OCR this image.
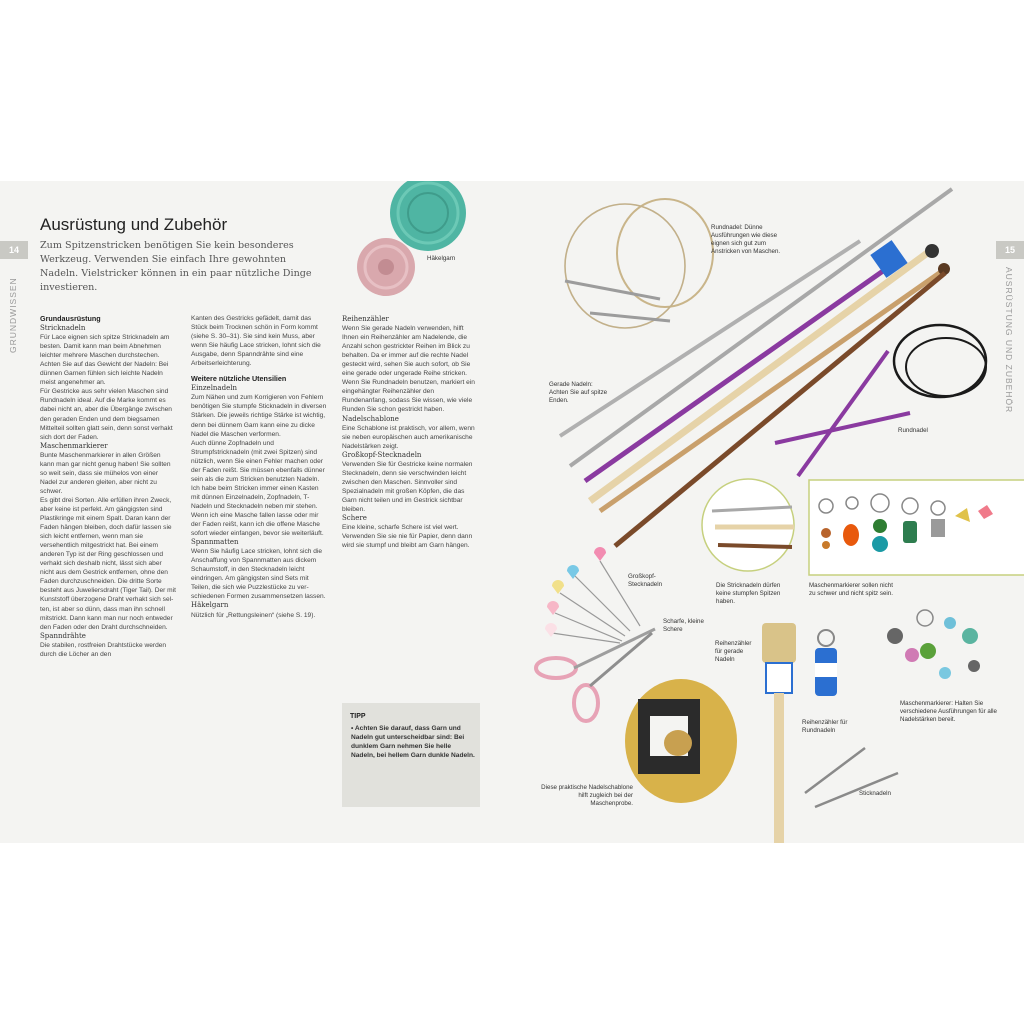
14	15
GRUNDWISSEN	AUSRÜSTUNG UND ZUBEHÖR
Ausrüstung und Zubehör
Zum Spitzenstricken benötigen Sie kein besonderes Werkzeug. Verwenden Sie einfach Ihre gewohnten Nadeln. Vielstricker können in ein paar nützliche Dinge investieren.

Grundausrüstung

Stricknadeln

Für Lace eignen sich spitze Stricknadeln am besten. Damit kann man beim Abnehmen leichter mehrere Maschen durchstechen. Achten Sie auf das Gewicht der Nadeln: Bei dünnen Garnen fühlen sich leichte Nadeln meist angenehmer an.

Für Gestricke aus sehr vielen Maschen sind Rundnadeln ideal. Auf die Marke kommt es dabei nicht an, aber die Übergänge zwischen den geraden Enden und dem biegsamen Mittelteil sollten glatt sein, denn sonst verhakt sich dort der Faden.

Maschenmarkierer

Bunte Maschenmarkierer in allen Größen kann man gar nicht genug haben! Sie sollten so weit sein, dass sie mühelos von einer Nadel zur anderen gleiten, aber nicht zu schwer.

Es gibt drei Sorten. Alle erfüllen ihren Zweck, aber keine ist perfekt. Am gängigsten sind Plastikringe mit einem Spalt. Daran kann der Faden hängen bleiben, doch dafür lassen sie sich leicht entfernen, wenn man sie versehentlich mitgestrickt hat. Bei einem anderen Typ ist der Ring geschlossen und verhakt sich deshalb nicht, lässt sich aber nicht aus dem Gestrick entfernen, ohne den Faden durchzuschneiden. Die dritte Sorte besteht aus Juweliersdraht (Tiger Tail). Der mit Kunststoff überzogene Draht verhakt sich selten, ist aber so dünn, dass man ihn schnell mitstrickt. Dann kann man nur noch entweder den Faden oder den Draht durchschneiden.

Spanndrähte

Die stabilen, rostfreien Drahtstücke werden durch die Löcher an den

Kanten des Gestricks gefädelt, damit das Stück beim Trocknen schön in Form kommt (siehe S. 30–31). Sie sind kein Muss, aber wenn Sie häufig Lace stricken, lohnt sich die Ausgabe, denn Spanndrähte sind eine Arbeitserleichterung.

Weitere nützliche Utensilien

Einzelnadeln

Zum Nähen und zum Korrigieren von Fehlern benötigen Sie stumpfe Sticknadeln in diversen Stärken. Die jeweils richtige Stärke ist wichtig, denn bei dünnem Garn kann eine zu dicke Nadel die Maschen verformen.

Auch dünne Zopfnadeln und Strumpfstricknadeln (mit zwei Spitzen) sind nützlich, wenn Sie einen Fehler machen oder der Faden reißt. Sie müssen ebenfalls dünner sein als die zum Stricken benutzten Nadeln.

Ich habe beim Stricken immer einen Kasten mit dünnen Einzelnadeln, Zopfnadeln, T-Nadeln und Stecknadeln neben mir stehen. Wenn ich eine Masche fallen lasse oder mir der Faden reißt, kann ich die offene Masche sofort wieder einfangen, bevor sie weiterläuft.

Spannmatten

Wenn Sie häufig Lace stricken, lohnt sich die Anschaffung von Spannmatten aus dickem Schaumstoff, in den Stecknadeln leicht eindringen. Am gängigsten sind Sets mit Teilen, die sich wie Puzzlestücke zu verschiedenen Formen zusammensetzen lassen.

Häkelgarn

Nützlich für „Rettungsleinen“ (siehe S. 19).

Reihenzähler

Wenn Sie gerade Nadeln verwenden, hilft Ihnen ein Reihenzähler am Nadelende, die Anzahl schon gestrickter Reihen im Blick zu behalten. Da er immer auf die rechte Nadel gesteckt wird, sehen Sie auch sofort, ob Sie eine gerade oder ungerade Reihe stricken. Wenn Sie Rundnadeln benutzen, markiert ein eingehängter Reihenzähler den Rundenanfang, sodass Sie wissen, wie viele Runden Sie schon gestrickt haben.

Nadelschablone

Eine Schablone ist praktisch, vor allem, wenn sie neben europäischen auch amerikanische Nadelstärken zeigt.

Großkopf-Stecknadeln

Verwenden Sie für Gestricke keine normalen Stecknadeln, denn sie verschwinden leicht zwischen den Maschen. Sinnvoller sind Spezialnadeln mit großen Köpfen, die das Garn nicht teilen und im Gestrick sichtbar bleiben.

Schere

Eine kleine, scharfe Schere ist viel wert. Verwenden Sie sie nie für Papier, denn dann wird sie stumpf und bleibt am Garn hängen.

TIPP
• Achten Sie darauf, dass Garn und Nadeln gut unterscheidbar sind: Bei dunklem Garn nehmen Sie helle Nadeln, bei hellem Garn dunkle Nadeln.
Häkelgarn
Rundnadel: Dünne Ausführungen wie diese eignen sich gut zum Anstricken von Maschen.
Gerade Nadeln: Achten Sie auf spitze Enden.
Rundnadel
Die Stricknadeln dürfen keine stumpfen Spitzen haben.
Maschenmarkierer sollen nicht zu schwer und nicht spitz sein.
Großkopf-Stecknadeln
Scharfe, kleine Schere
Reihenzähler für gerade Nadeln
Reihenzähler für Rundnadeln
Maschenmarkierer: Halten Sie verschiedene Ausführungen für alle Nadelstärken bereit.
Diese praktische Nadelschablone hilft zugleich bei der Maschenprobe.
Sticknadeln
